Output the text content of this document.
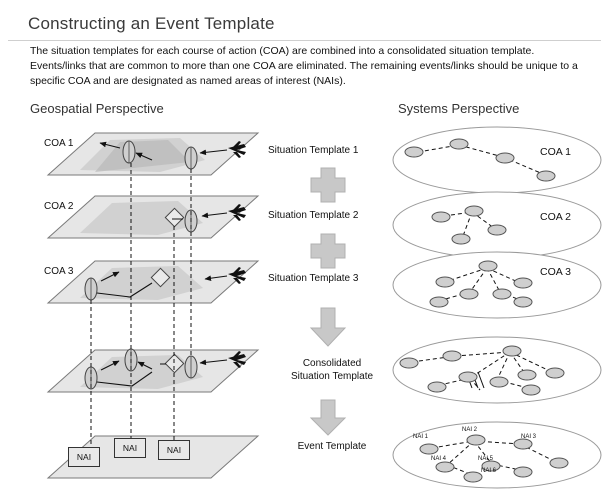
Constructing an Event Template
The situation templates for each course of action (COA) are combined into a consolidated situation template. Events/links that are common to more than one COA are eliminated. The remaining events/links should be unique to a specific COA and are designated as named areas of interest (NAIs).
Geospatial Perspective	Systems Perspective
COA 1
COA 2
COA 3
NAI
NAI	NAI
Situation Template 1
Situation Template 2
Situation Template 3
Consolidated
Situation Template
Event Template
COA 1
COA 2
COA 3
NAI 1
NAI 2
NAI 3
NAI 4	NAI 5
NAI 6
